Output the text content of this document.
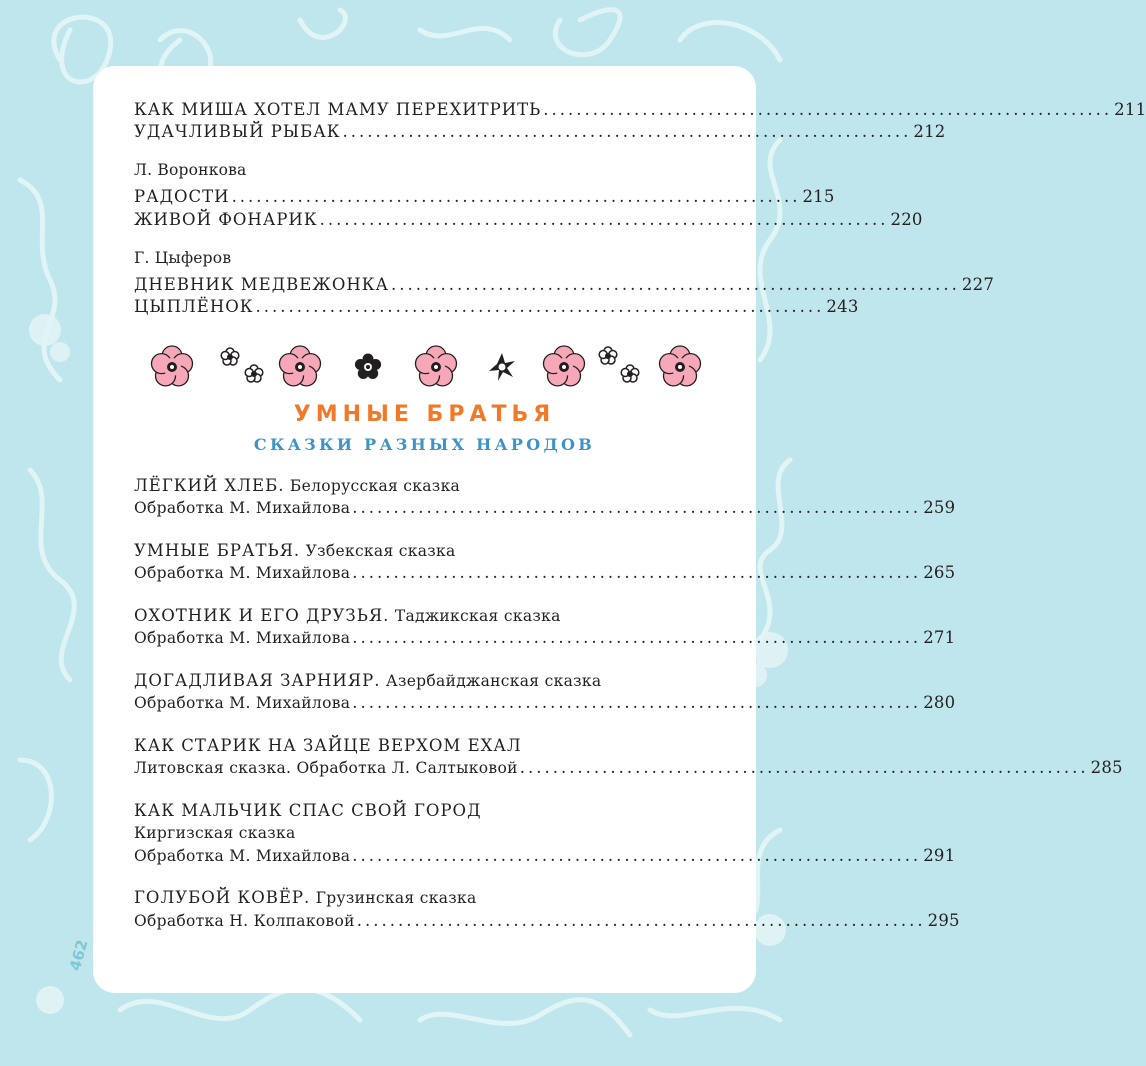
КАК МИША ХОТЕЛ МАМУ ПЕРЕХИТРИТЬ ..................................................................... 211
УДАЧЛИВЫЙ РЫБАК ..................................................................... 212
Л. Воронкова
РАДОСТИ ..................................................................... 215
ЖИВОЙ ФОНАРИК ..................................................................... 220
Г. Цыферов
ДНЕВНИК МЕДВЕЖОНКА ..................................................................... 227
ЦЫПЛЁНОК ..................................................................... 243
УМНЫЕ БРАТЬЯ
СКАЗКИ РАЗНЫХ НАРОДОВ
ЛЁГКИЙ ХЛЕБ. Белорусская сказка
Обработка М. Михайлова ..................................................................... 259
УМНЫЕ БРАТЬЯ. Узбекская сказка
Обработка М. Михайлова ..................................................................... 265
ОХОТНИК И ЕГО ДРУЗЬЯ. Таджикская сказка
Обработка М. Михайлова ..................................................................... 271
ДОГАДЛИВАЯ ЗАРНИЯР. Азербайджанская сказка
Обработка М. Михайлова ..................................................................... 280
КАК СТАРИК НА ЗАЙЦЕ ВЕРХОМ ЕХАЛ
Литовская сказка. Обработка Л. Салтыковой ..................................................................... 285
КАК МАЛЬЧИК СПАС СВОЙ ГОРОД
Киргизская сказка
Обработка М. Михайлова ..................................................................... 291
ГОЛУБОЙ КОВЁР. Грузинская сказка
Обработка Н. Колпаковой ..................................................................... 295
462
